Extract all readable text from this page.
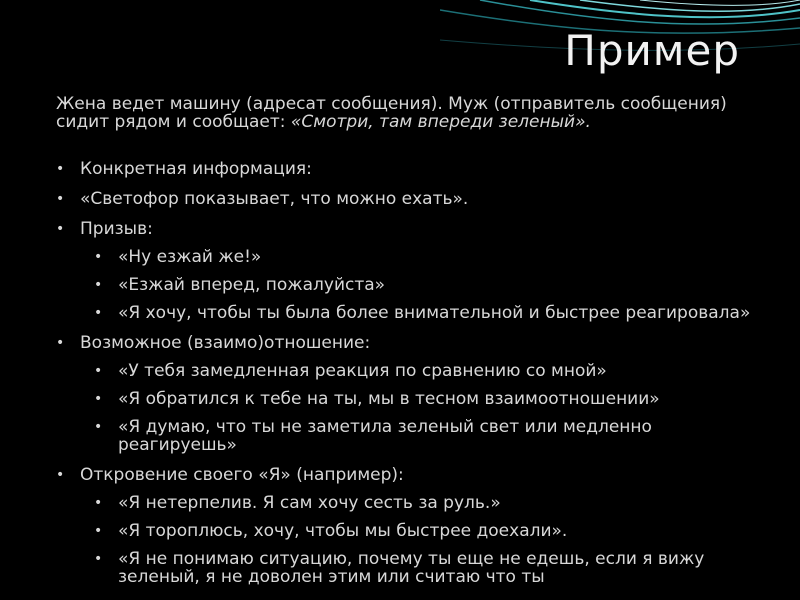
Пример
Жена ведет машину (адресат сообщения). Муж (отправитель сообщения) сидит рядом и сообщает: «Смотри, там впереди зеленый».
• Конкретная информация:
• «Светофор показывает, что можно ехать».
• Призыв:
• «Ну езжай же!»
• «Езжай вперед, пожалуйста»
• «Я хочу, чтобы ты была более внимательной и быстрее реагировала»
• Возможное (взаимо)отношение:
• «У тебя замедленная реакция по сравнению со мной»
• «Я обратился к тебе на ты, мы в тесном взаимоотношении»
• «Я думаю, что ты не заметила зеленый свет или медленно реагируешь»
• Откровение своего «Я» (например):
• «Я нетерпелив. Я сам хочу сесть за руль.»
• «Я тороплюсь, хочу, чтобы мы быстрее доехали».
• «Я не понимаю ситуацию, почему ты еще не едешь, если я вижу зеленый, я не доволен этим или считаю что ты
